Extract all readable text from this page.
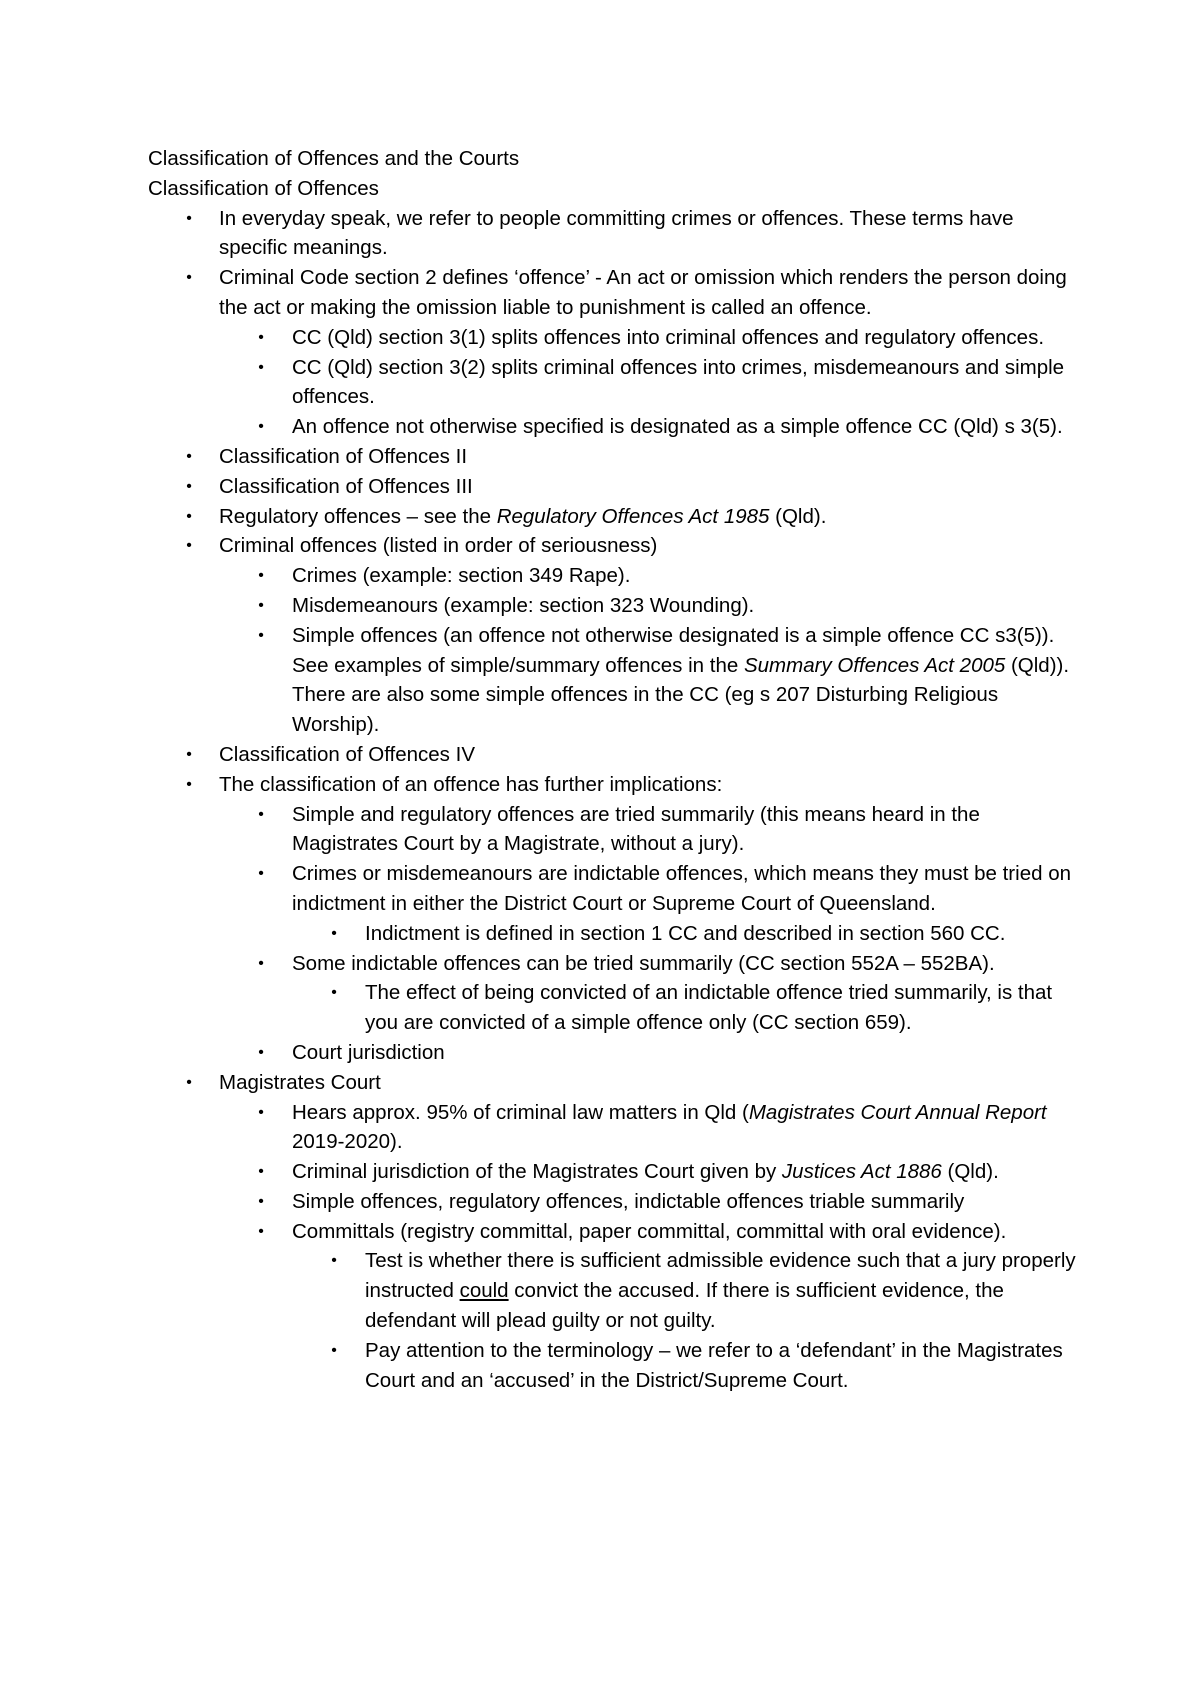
Classification of Offences and the Courts

Classification of Offences

• In everyday speak, we refer to people committing crimes or offences. These terms have specific meanings.
• Criminal Code section 2 defines ‘offence’ - An act or omission which renders the person doing the act or making the omission liable to punishment is called an offence.
• CC (Qld) section 3(1) splits offences into criminal offences and regulatory offences.
• CC (Qld) section 3(2) splits criminal offences into crimes, misdemeanours and simple offences.
• An offence not otherwise specified is designated as a simple offence CC (Qld) s 3(5).
• Classification of Offences II
• Classification of Offences III
• Regulatory offences – see the Regulatory Offences Act 1985 (Qld).
• Criminal offences (listed in order of seriousness)
• Crimes (example: section 349 Rape).
• Misdemeanours (example: section 323 Wounding).
• Simple offences (an offence not otherwise designated is a simple offence CC s3(5)). See examples of simple/summary offences in the Summary Offences Act 2005 (Qld)). There are also some simple offences in the CC (eg s 207 Disturbing Religious Worship).
• Classification of Offences IV
• The classification of an offence has further implications:
• Simple and regulatory offences are tried summarily (this means heard in the Magistrates Court by a Magistrate, without a jury).
• Crimes or misdemeanours are indictable offences, which means they must be tried on indictment in either the District Court or Supreme Court of Queensland.
• Indictment is defined in section 1 CC and described in section 560 CC.
• Some indictable offences can be tried summarily (CC section 552A – 552BA).
• The effect of being convicted of an indictable offence tried summarily, is that you are convicted of a simple offence only (CC section 659).
• Court jurisdiction
• Magistrates Court
• Hears approx. 95% of criminal law matters in Qld (Magistrates Court Annual Report 2019-2020).
• Criminal jurisdiction of the Magistrates Court given by Justices Act 1886 (Qld).
• Simple offences, regulatory offences, indictable offences triable summarily
• Committals (registry committal, paper committal, committal with oral evidence).
• Test is whether there is sufficient admissible evidence such that a jury properly instructed could convict the accused. If there is sufficient evidence, the defendant will plead guilty or not guilty.
• Pay attention to the terminology – we refer to a ‘defendant’ in the Magistrates Court and an ‘accused’ in the District/Supreme Court.
